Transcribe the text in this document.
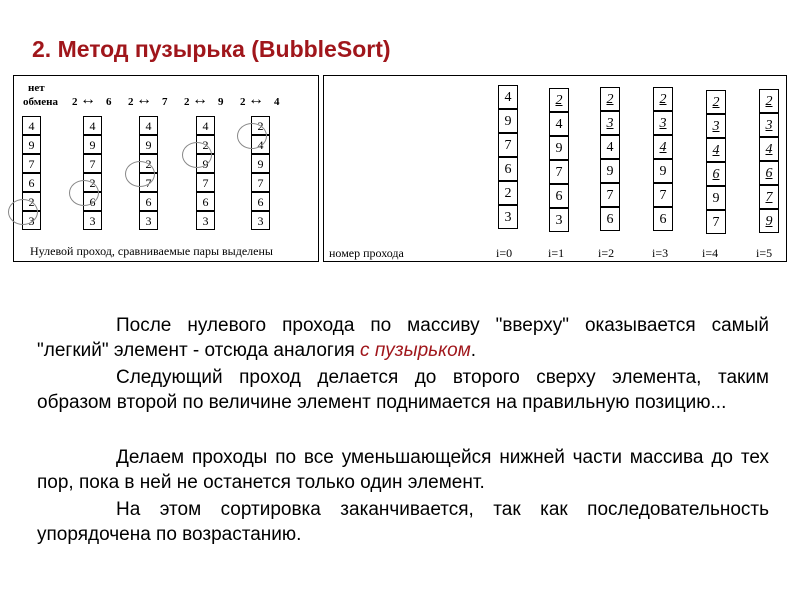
2. Метод пузырька (BubbleSort)
нет
обмена 2 ↔ 6 2 ↔ 7 2 ↔ 9 2 ↔ 4
4
9
7
6
2
3
4
9
7
2
6
3
4
9
2
7
6
3
4
2
9
7
6
3
2
4
9
7
6
3
Нулевой проход, сравниваемые пары выделены
4
9
7
6
2
3
i=0
2
4
9
7
6
3
i=1
2
3
4
9
7
6
i=2
2
3
4
9
7
6
i=3
2
3
4
6
9
7
i=4
2
3
4
6
7
9
i=5
номер прохода

После нулевого прохода по массиву "вверху" оказывается самый "легкий" элемент - отсюда аналогия с пузырьком.

Следующий проход делается до второго сверху элемента, таким образом второй по величине элемент поднимается на правильную позицию...

Делаем проходы по все уменьшающейся нижней части массива до тех пор, пока в ней не останется только один элемент.

На этом сортировка заканчивается, так как последовательность упорядочена по возрастанию.
